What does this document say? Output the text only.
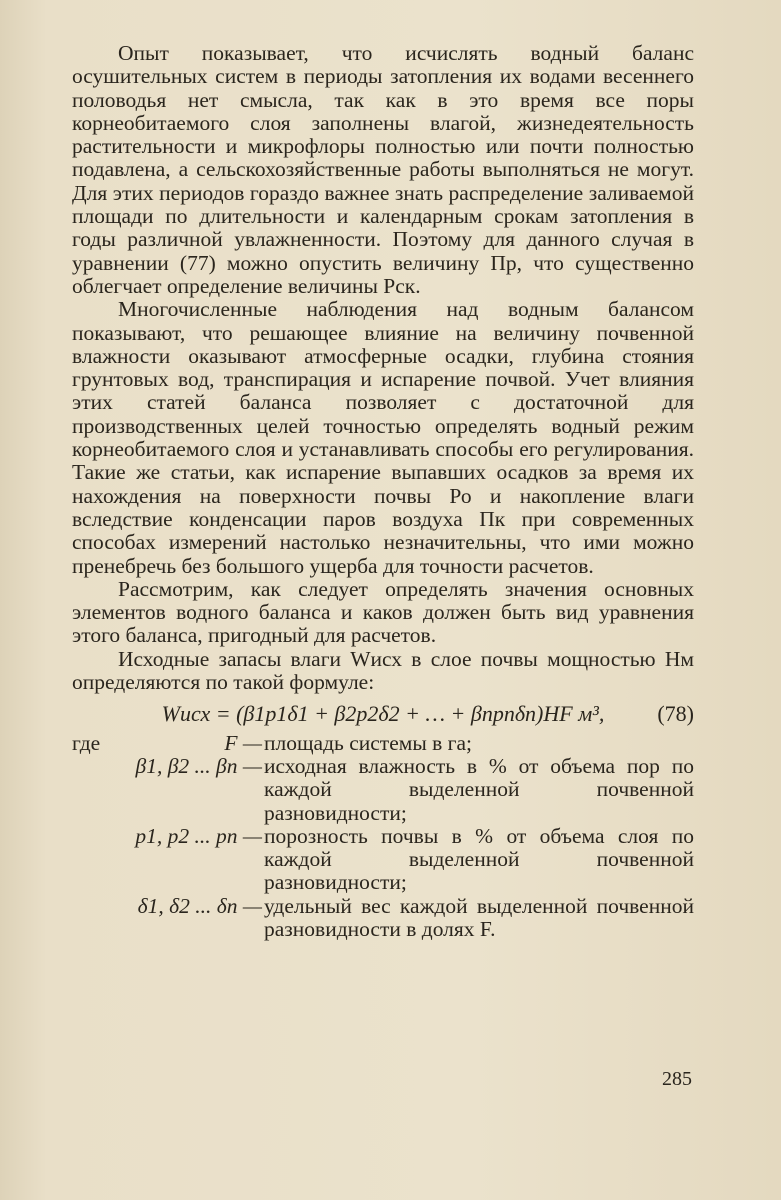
Опыт показывает, что исчислять водный баланс осушительных систем в периоды затопления их водами весеннего половодья нет смысла, так как в это время все поры корнеобитаемого слоя заполнены влагой, жизнедеятельность растительности и микрофлоры полностью или почти полностью подавлена, а сельскохозяйственные работы выполняться не могут. Для этих периодов гораздо важнее знать распределение заливаемой площади по длительности и календарным срокам затопления в годы различной увлажненности. Поэтому для данного случая в уравнении (77) можно опустить величину Пр, что существенно облегчает определение величины Рск.

Многочисленные наблюдения над водным балансом показывают, что решающее влияние на величину почвенной влажности оказывают атмосферные осадки, глубина стояния грунтовых вод, транспирация и испарение почвой. Учет влияния этих статей баланса позволяет с достаточной для производственных целей точностью определять водный режим корнеобитаемого слоя и устанавливать способы его регулирования. Такие же статьи, как испарение выпавших осадков за время их нахождения на поверхности почвы Ро и накопление влаги вследствие конденсации паров воздуха Пк при современных способах измерений настолько незначительны, что ими можно пренебречь без большого ущерба для точности расчетов.

Рассмотрим, как следует определять значения основных элементов водного баланса и каков должен быть вид уравнения этого баланса, пригодный для расчетов.

Исходные запасы влаги Wисх в слое почвы мощностью Нм определяются по такой формуле:

Wисх = (β1p1δ1 + β2p2δ2 + … + βnpnδn)HF м³, (78)
где	F — площадь системы в га;
β1, β2 ... βn — исходная влажность в % от объема пор по каждой выделенной почвенной разновидности;
p1, p2 ... pn — порозность почвы в % от объема слоя по каждой выделенной почвенной разновидности;
δ1, δ2 ... δn — удельный вес каждой выделенной почвенной разновидности в долях F.
285
